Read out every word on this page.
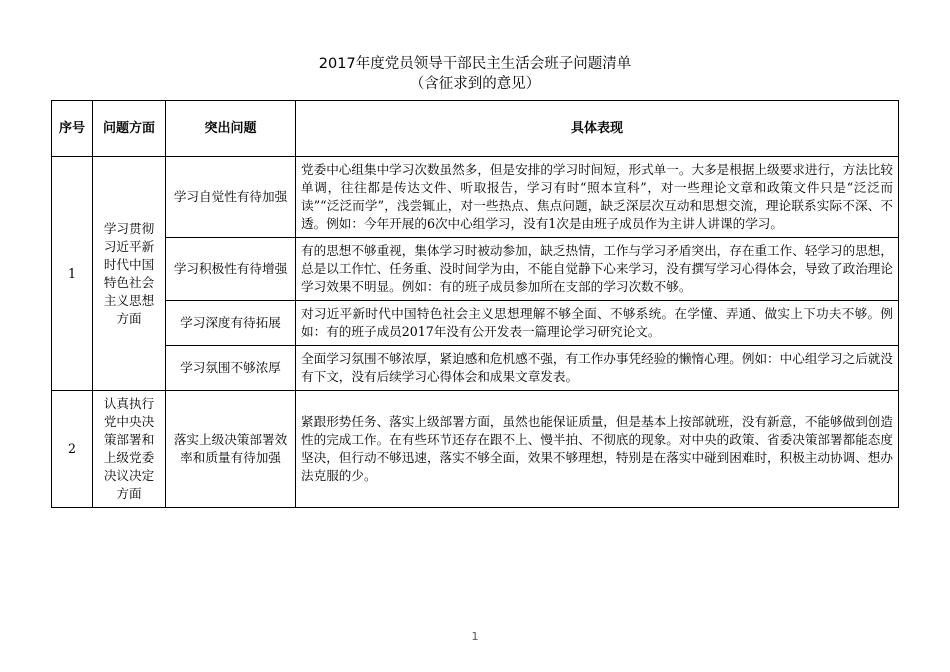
2017年度党员领导干部民主生活会班子问题清单
（含征求到的意见）
序号	问题方面	突出问题	具体表现
1	学习贯彻习近平新时代中国特色社会主义思想方面	学习自觉性有待加强	党委中心组集中学习次数虽然多，但是安排的学习时间短，形式单一。大多是根据上级要求进行，方法比较单调，往往都是传达文件、听取报告，学习有时“照本宣科”，对一些理论文章和政策文件只是“泛泛而读”“泛泛而学”，浅尝辄止，对一些热点、焦点问题，缺乏深层次互动和思想交流，理论联系实际不深、不透。例如：今年开展的6次中心组学习，没有1次是由班子成员作为主讲人讲课的学习。
		学习积极性有待增强	有的思想不够重视，集体学习时被动参加，缺乏热情，工作与学习矛盾突出，存在重工作、轻学习的思想，总是以工作忙、任务重、没时间学为由，不能自觉静下心来学习，没有撰写学习心得体会，导致了政治理论学习效果不明显。例如：有的班子成员参加所在支部的学习次数不够。
		学习深度有待拓展	对习近平新时代中国特色社会主义思想理解不够全面、不够系统。在学懂、弄通、做实上下功夫不够。例如：有的班子成员2017年没有公开发表一篇理论学习研究论文。
		学习氛围不够浓厚	全面学习氛围不够浓厚，紧迫感和危机感不强，有工作办事凭经验的懒惰心理。例如：中心组学习之后就没有下文，没有后续学习心得体会和成果文章发表。
2	认真执行党中央决策部署和上级党委决议决定方面	落实上级决策部署效率和质量有待加强	紧跟形势任务、落实上级部署方面，虽然也能保证质量，但是基本上按部就班，没有新意，不能够做到创造性的完成工作。在有些环节还存在跟不上、慢半拍、不彻底的现象。对中央的政策、省委决策部署都能态度坚决，但行动不够迅速，落实不够全面，效果不够理想，特别是在落实中碰到困难时，积极主动协调、想办法克服的少。
1
